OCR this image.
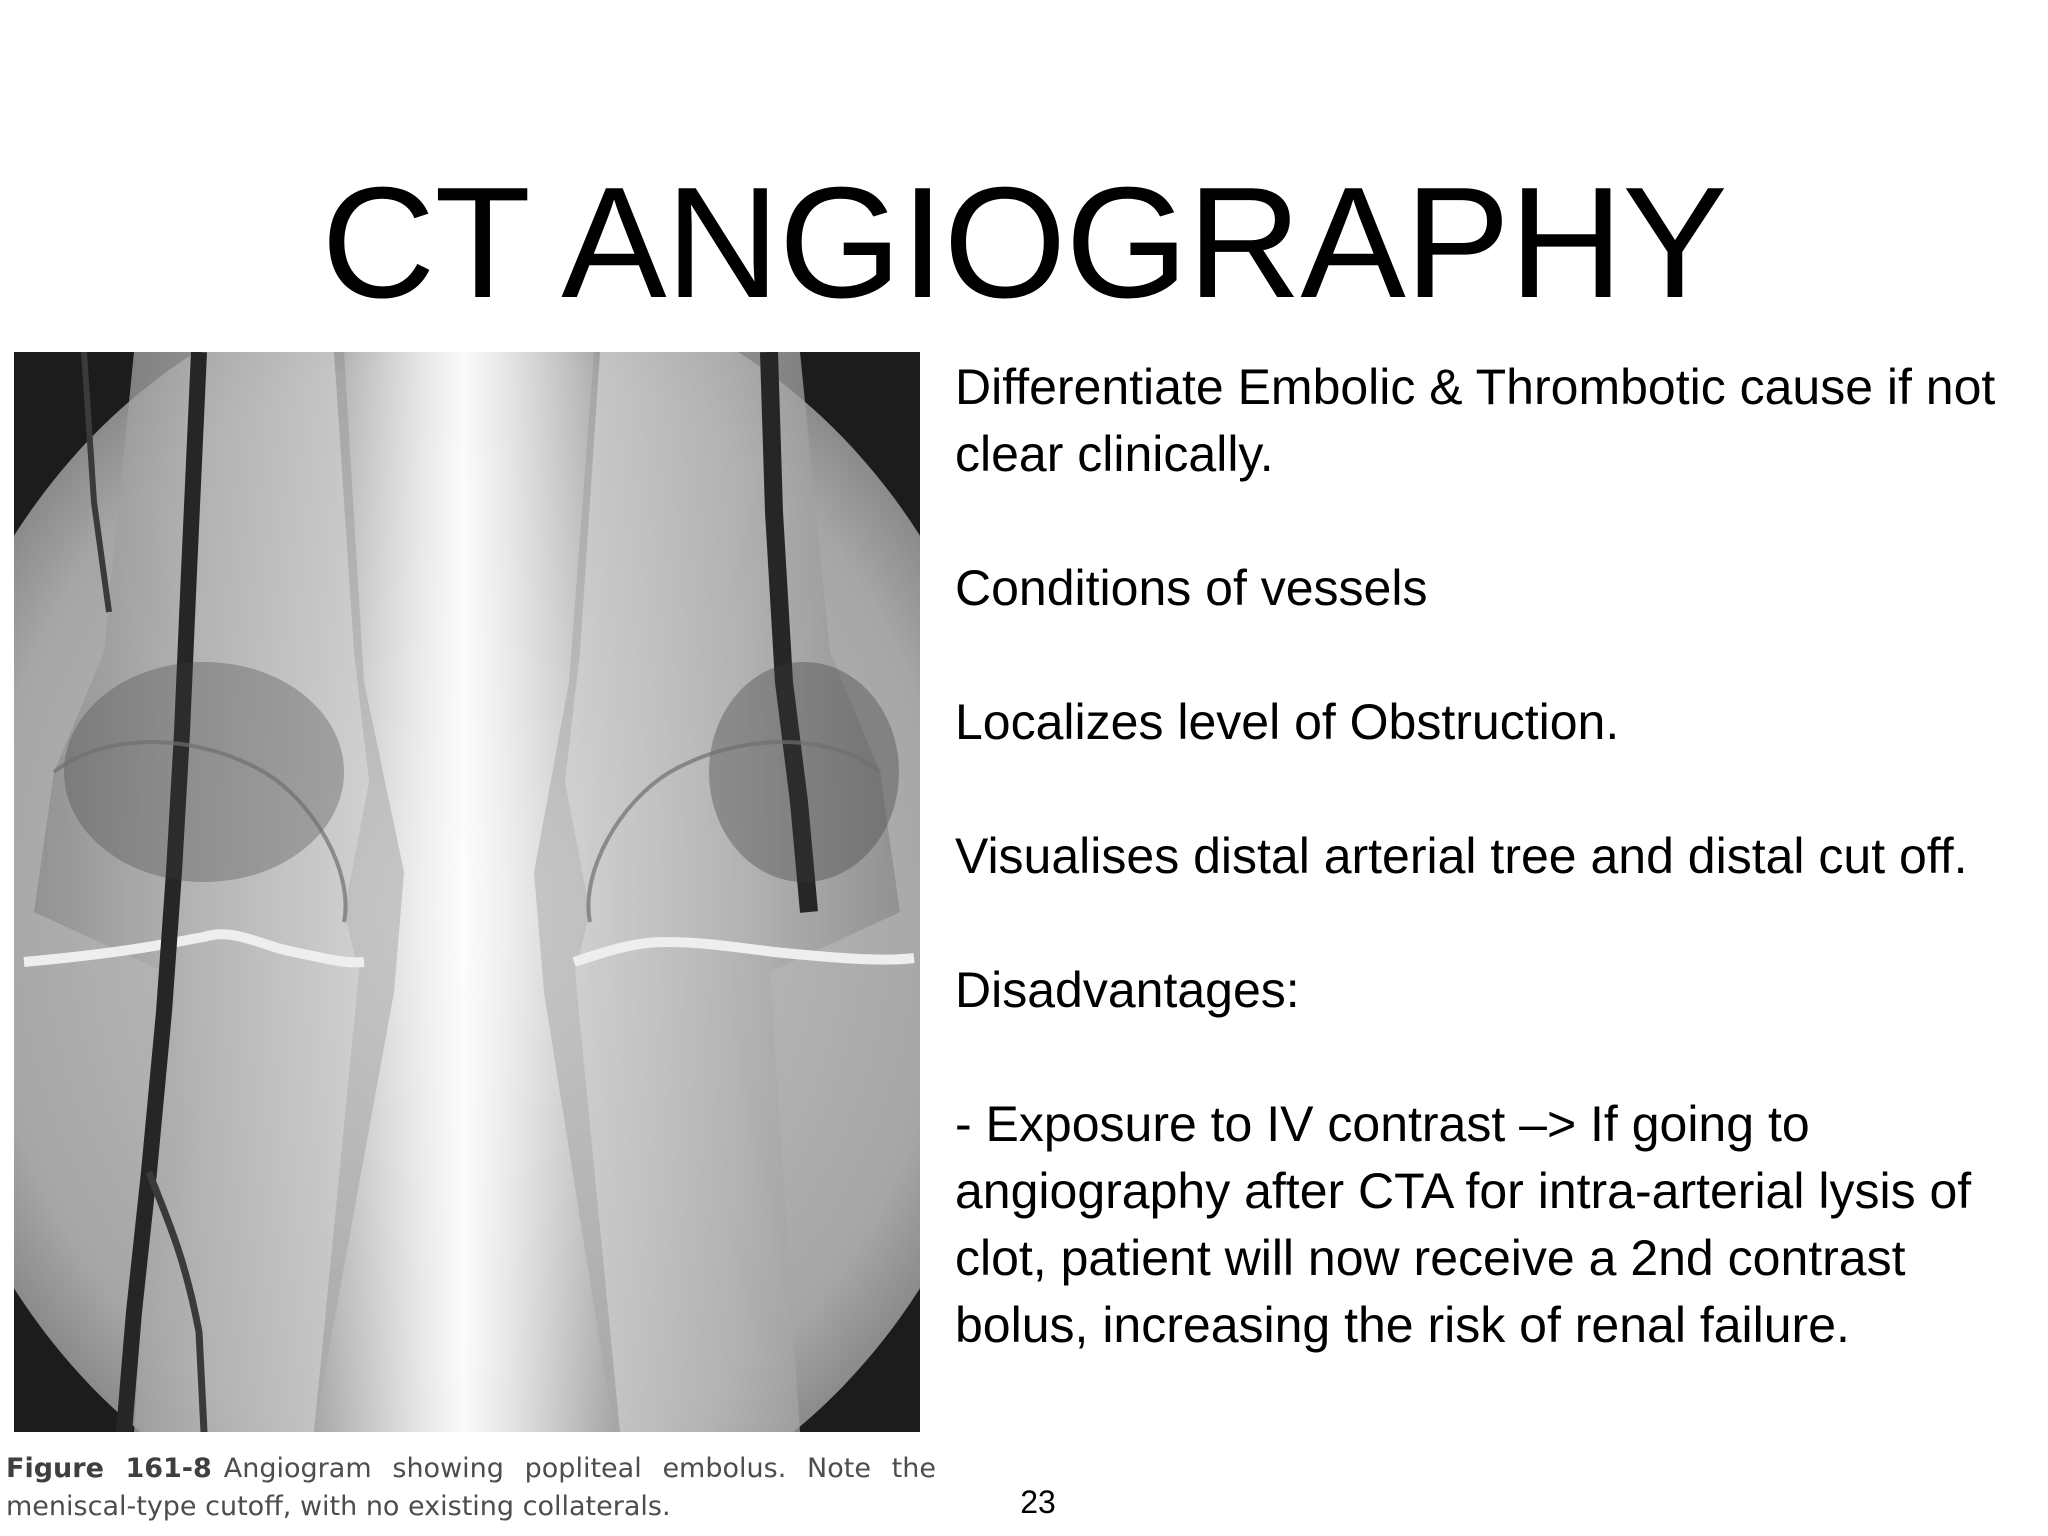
CT ANGIOGRAPHY
Figure 161-8 Angiogram showing popliteal embolus. Note the meniscal-type cutoff, with no existing collaterals.

Differentiate Embolic & Thrombotic cause if not clear clinically.

Conditions of vessels

Localizes level of Obstruction.

Visualises distal arterial tree and distal cut off.

Disadvantages:

- Exposure to IV contrast –> If going to angiography after CTA for intra-arterial lysis of clot, patient will now receive a 2nd contrast bolus, increasing the risk of renal failure.

23
